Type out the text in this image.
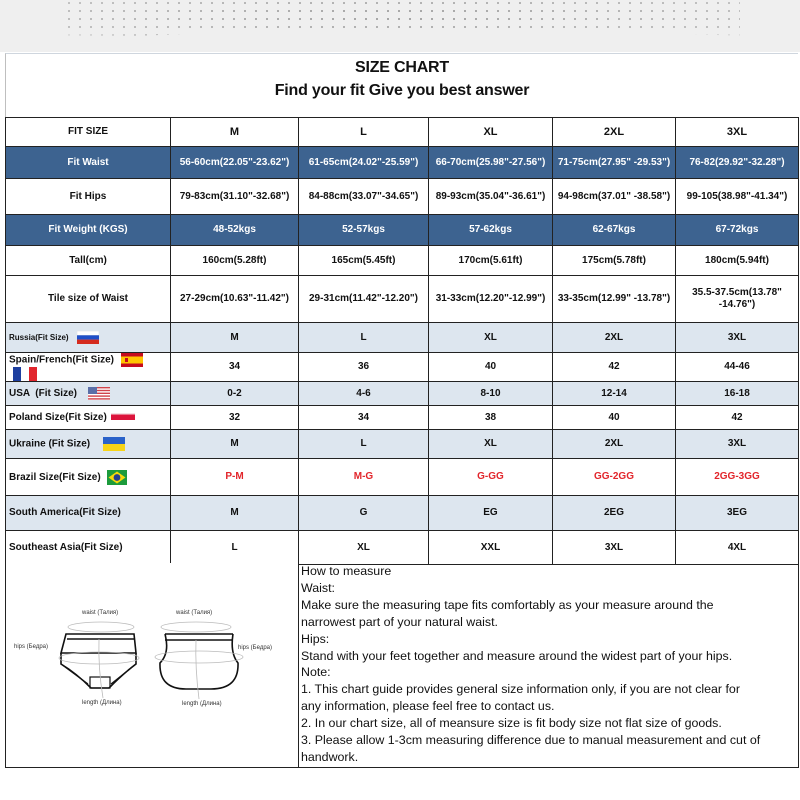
SIZE CHART
Find your fit Give you best answer
FIT SIZE	M	L	XL	2XL	3XL
Fit Waist	56-60cm(22.05"-23.62")	61-65cm(24.02"-25.59")	66-70cm(25.98"-27.56")	71-75cm(27.95" -29.53")	76-82(29.92"-32.28")
Fit Hips	79-83cm(31.10"-32.68")	84-88cm(33.07"-34.65")	89-93cm(35.04"-36.61")	94-98cm(37.01" -38.58")	99-105(38.98"-41.34")
Fit Weight (KGS)	48-52kgs	52-57kgs	57-62kgs	62-67kgs	67-72kgs
Tall(cm)	160cm(5.28ft)	165cm(5.45ft)	170cm(5.61ft)	175cm(5.78ft)	180cm(5.94ft)
Tile size of Waist	27-29cm(10.63"-11.42")	29-31cm(11.42"-12.20")	31-33cm(12.20"-12.99")	33-35cm(12.99" -13.78")	35.5-37.5cm(13.78" -14.76")
Russia(Fit Size)	M	L	XL	2XL	3XL
Spain/French(Fit Size)	34	36	40	42	44-46
USA  (Fit Size)	0-2	4-6	8-10	12-14	16-18
Poland Size(Fit Size)	32	34	38	40	42
Ukraine (Fit Size)	M	L	XL	2XL	3XL
Brazil Size(Fit Size)	P-M	M-G	G-GG	GG-2GG	2GG-3GG
South America(Fit Size)	M	G	EG	2EG	3EG
Southeast Asia(Fit Size)	L	XL	XXL	3XL	4XL
waist (Талия)	waist (Талия)
hips (Бедра)	hips (Бедра)
length (Длина)	length (Длина)
How to measure
Waist:
Make sure the measuring tape fits comfortably as your measure around the
narrowest part of your natural waist.
Hips:
Stand with your feet together and measure around the widest part of your hips.
Note:
1. This chart guide provides general size information only, if you are not clear for
any information, please feel free to contact us.
2. In our chart size, all of meansure size is fit body size not flat size of goods.
3. Please allow 1-3cm measuring difference due to manual measurement and cut of
handwork.
